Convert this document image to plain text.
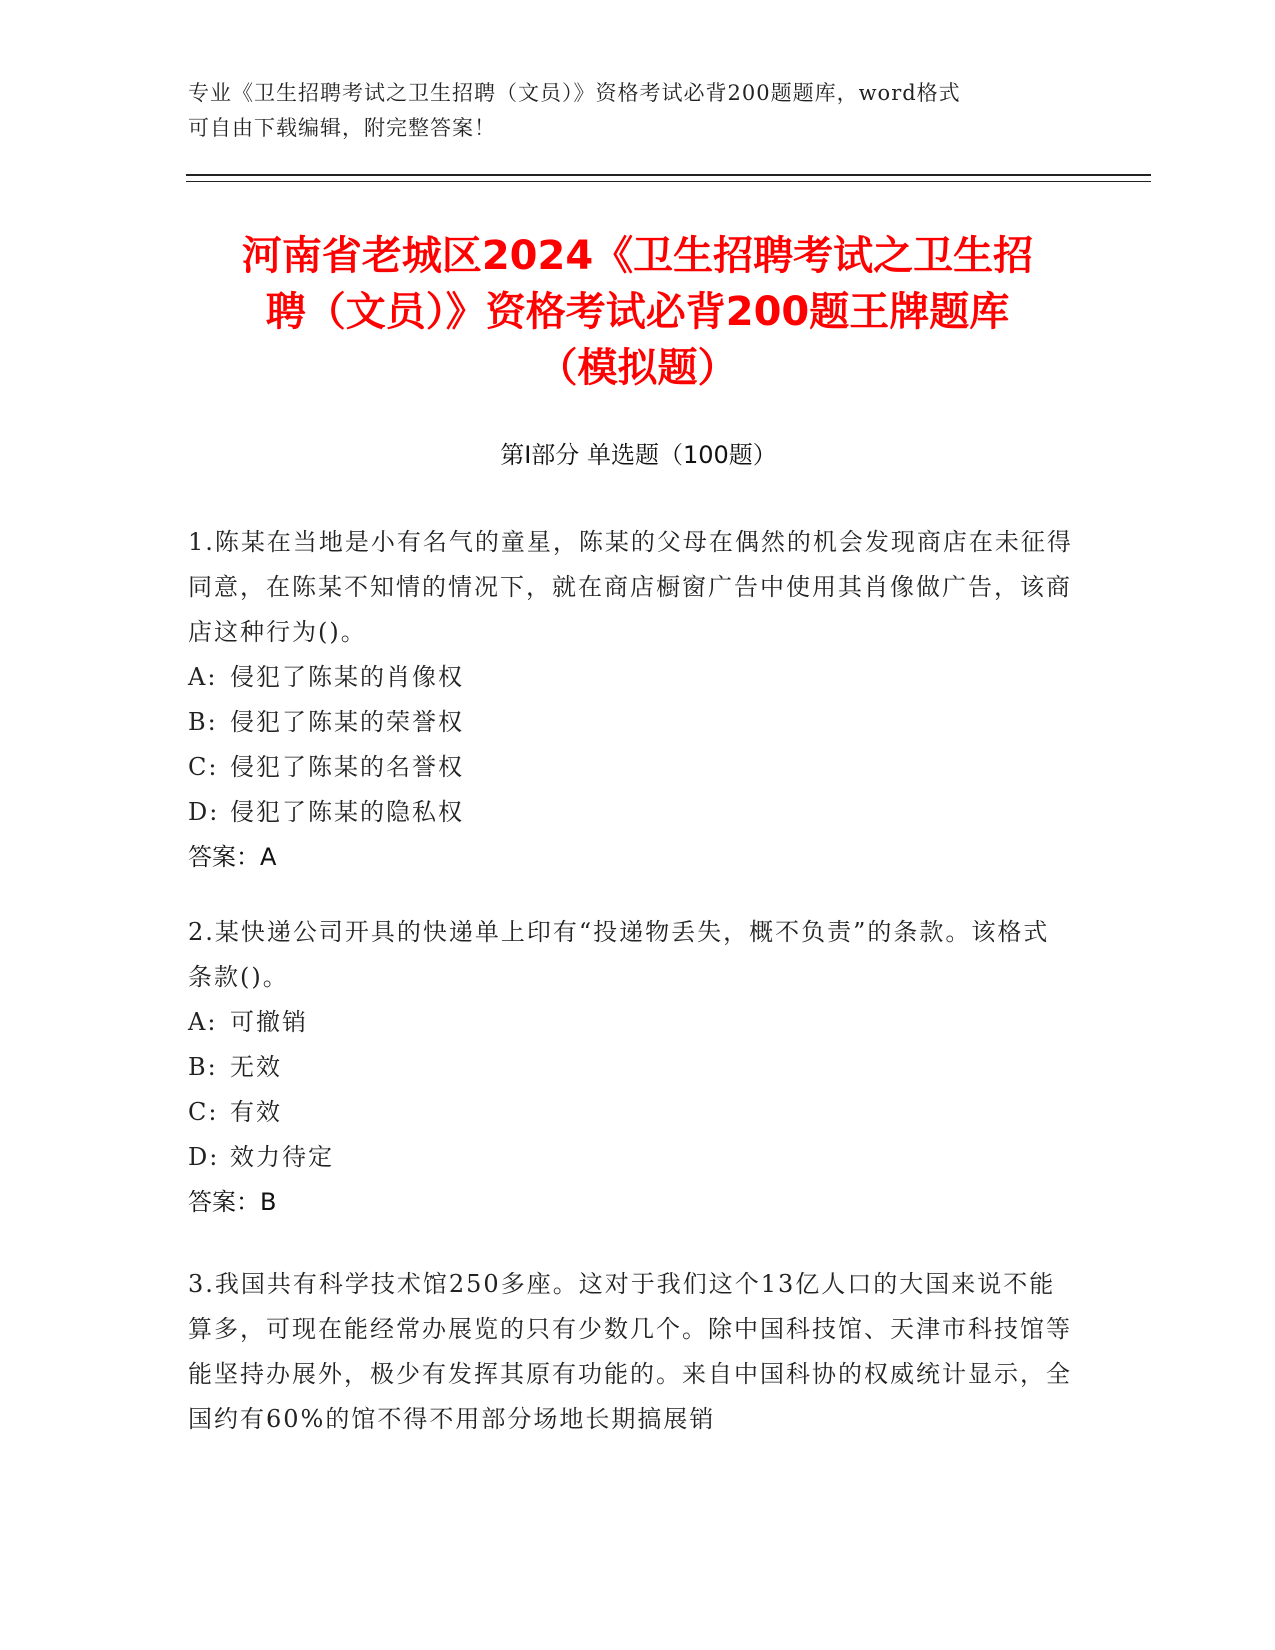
专业《卫生招聘考试之卫生招聘（文员）》资格考试必背200题题库，word格式
可自由下载编辑，附完整答案！
河南省老城区2024《卫生招聘考试之卫生招
聘（文员）》资格考试必背200题王牌题库
（模拟题）
第Ⅰ部分 单选题（100题）
1.陈某在当地是小有名气的童星，陈某的父母在偶然的机会发现商店在未征得同意，在陈某不知情的情况下，就在商店橱窗广告中使用其肖像做广告，该商店这种行为()。
A: 侵犯了陈某的肖像权
B: 侵犯了陈某的荣誉权
C: 侵犯了陈某的名誉权
D: 侵犯了陈某的隐私权
答案：A
2.某快递公司开具的快递单上印有“投递物丢失，概不负责”的条款。该格式条款()。
A: 可撤销
B: 无效
C: 有效
D: 效力待定
答案：B
3.我国共有科学技术馆250多座。这对于我们这个13亿人口的大国来说不能算多，可现在能经常办展览的只有少数几个。除中国科技馆、天津市科技馆等能坚持办展外，极少有发挥其原有功能的。来自中国科协的权威统计显示，全国约有60%的馆不得不用部分场地长期搞展销
